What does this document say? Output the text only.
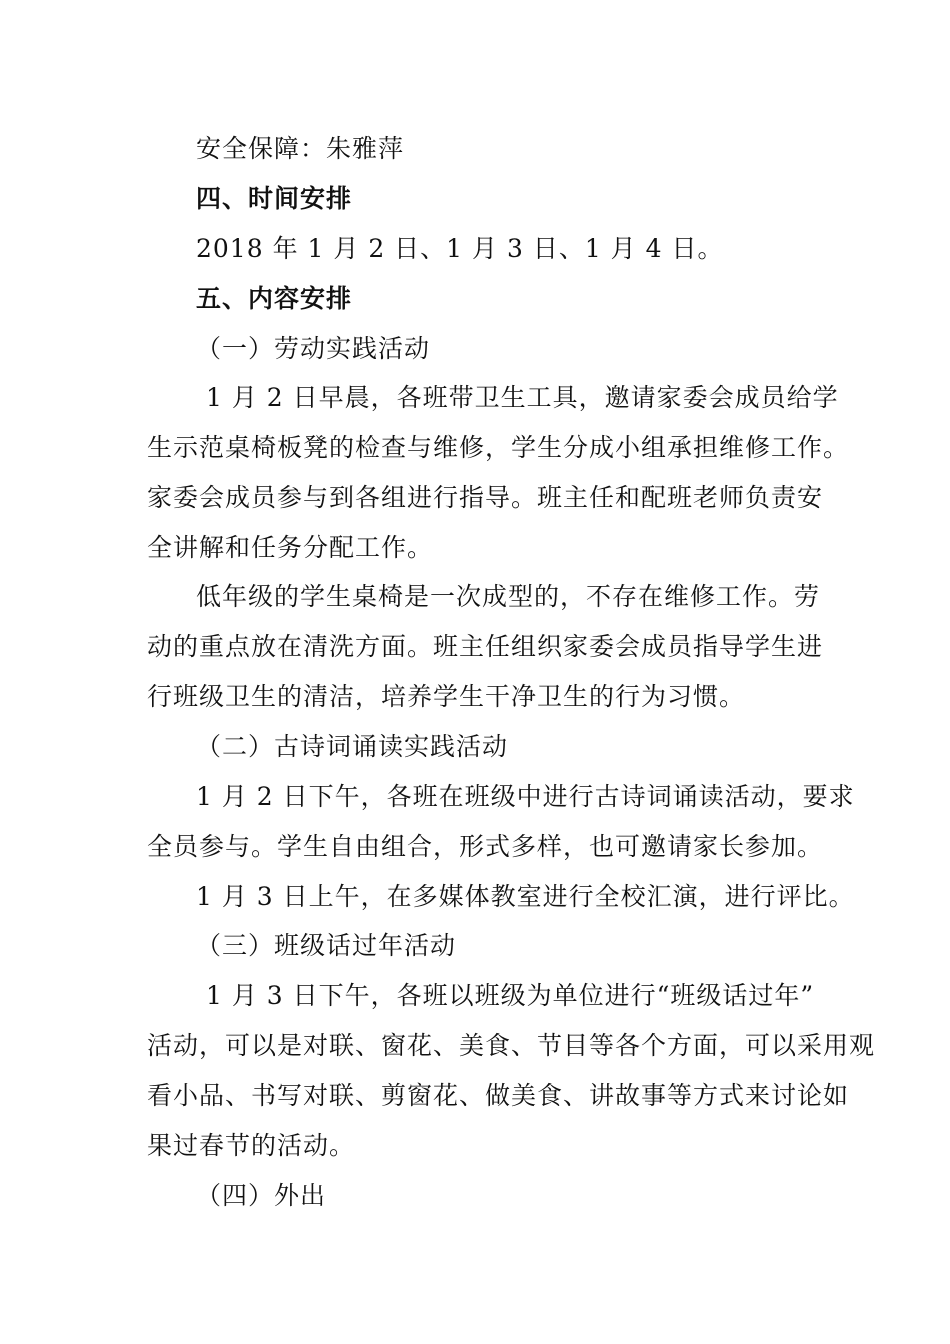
安全保障：朱雅萍
四、时间安排
2018 年 1 月 2 日、1 月 3 日、1 月 4 日。
五、内容安排
（一）劳动实践活动
1 月 2 日早晨，各班带卫生工具，邀请家委会成员给学
生示范桌椅板凳的检查与维修，学生分成小组承担维修工作。
家委会成员参与到各组进行指导。班主任和配班老师负责安
全讲解和任务分配工作。
低年级的学生桌椅是一次成型的，不存在维修工作。劳
动的重点放在清洗方面。班主任组织家委会成员指导学生进
行班级卫生的清洁，培养学生干净卫生的行为习惯。
（二）古诗词诵读实践活动
1 月 2 日下午，各班在班级中进行古诗词诵读活动，要求
全员参与。学生自由组合，形式多样，也可邀请家长参加。
1 月 3 日上午，在多媒体教室进行全校汇演，进行评比。
（三）班级话过年活动
1 月 3 日下午，各班以班级为单位进行“班级话过年”
活动，可以是对联、窗花、美食、节目等各个方面，可以采用观
看小品、书写对联、剪窗花、做美食、讲故事等方式来讨论如
果过春节的活动。
（四）外出
